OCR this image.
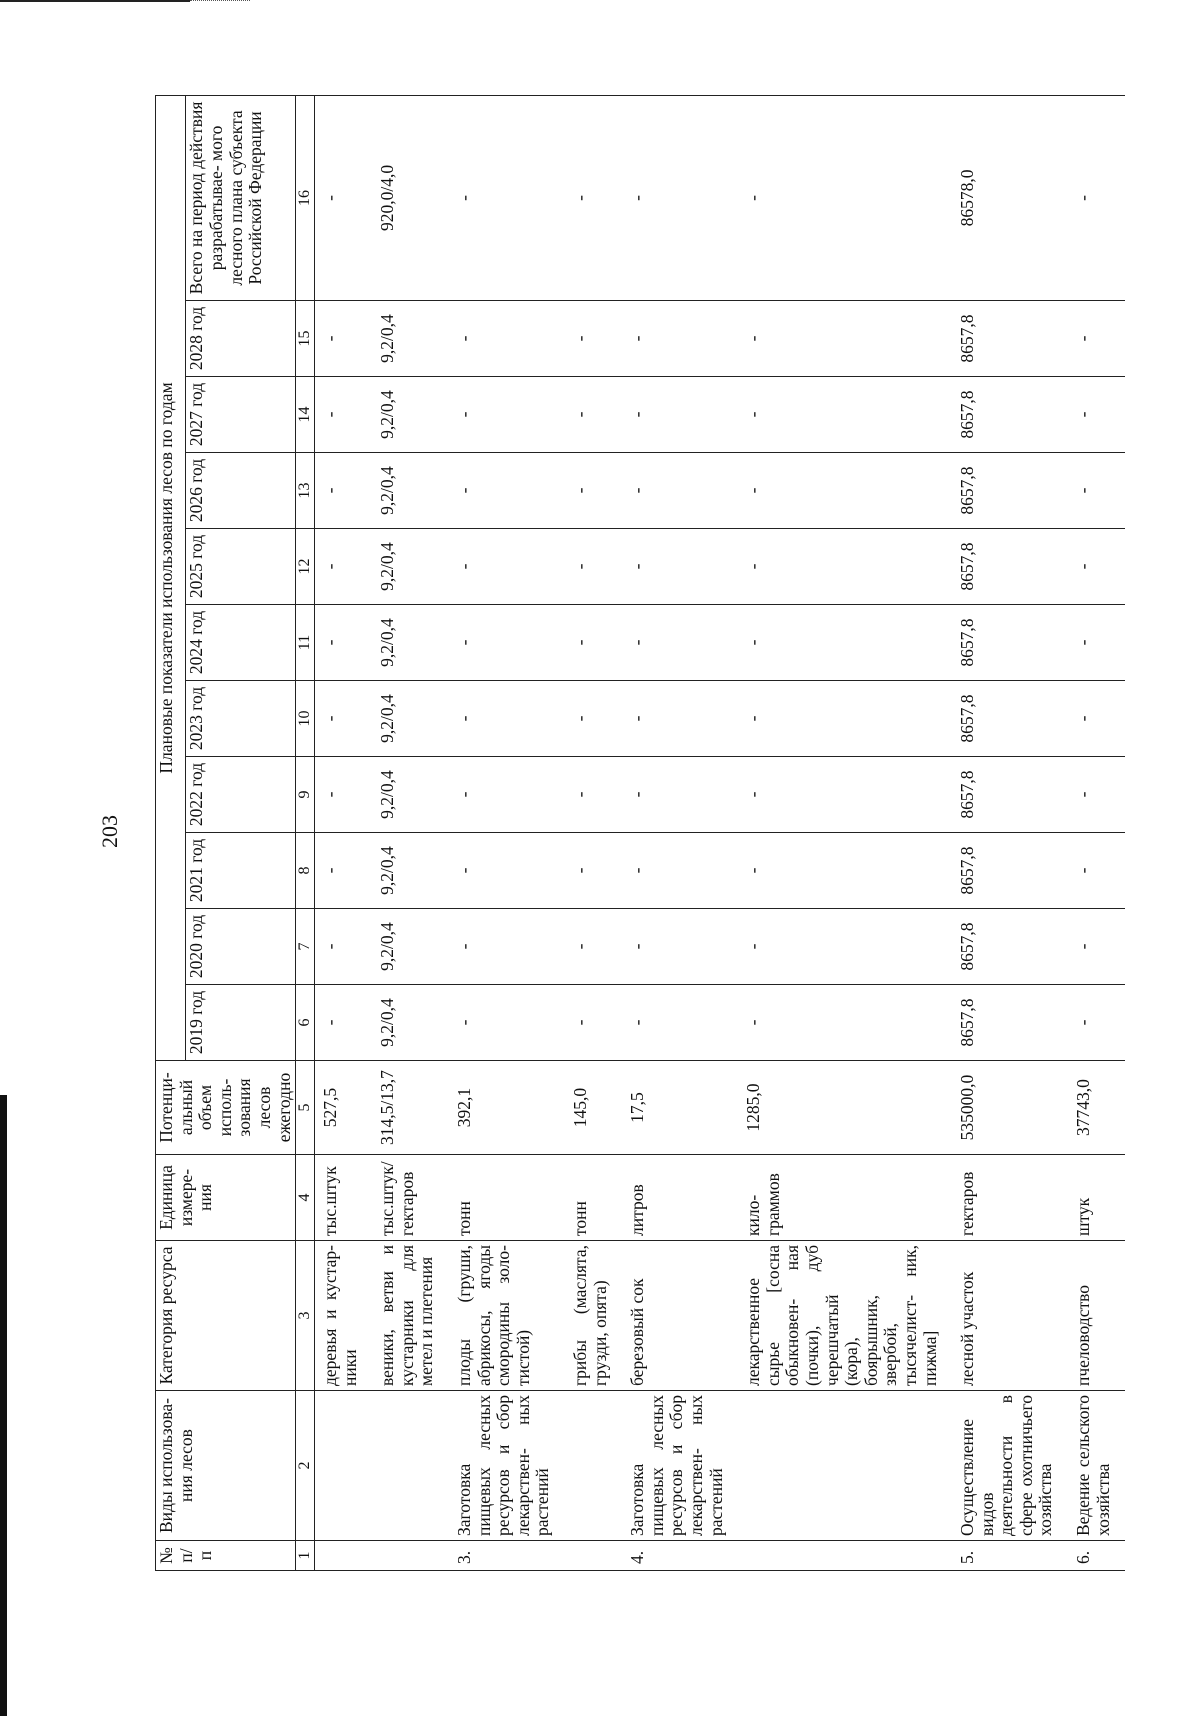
203
№ п/п	Виды использова- ния лесов	Категория ресурса	Единица измере- ния	Потенци- альный объем исполь- зования лесов ежегодно	Плановые показатели использования лесов по годам										
					2019 год	2020 год	2021 год	2022 год	2023 год	2024 год	2025 год	2026 год	2027 год	2028 год	Всего на период действия разрабатывае- мого лесного плана субъекта Российской Федерации
1	2	3	4	5	6	7	8	9	10	11	12	13	14	15	16
		деревья и кустар- ники	тыс.штук	527,5	-	-	-	-	-	-	-	-	-	-	-
		веники, ветви и кустарники для метел и плетения	тыс.штук/ гектаров	314,5/13,7	9,2/0,4	9,2/0,4	9,2/0,4	9,2/0,4	9,2/0,4	9,2/0,4	9,2/0,4	9,2/0,4	9,2/0,4	9,2/0,4	920,0/4,0
3.	Заготовка пищевых лесных ресурсов и сбор лекарствен- ных растений	плоды (груши, абрикосы, ягоды смородины золо- тистой)	тонн	392,1	-	-	-	-	-	-	-	-	-	-	-
		грибы (маслята, грузди, опята)	тонн	145,0	-	-	-	-	-	-	-	-	-	-	-
4.	Заготовка пищевых лесных ресурсов и сбор лекарствен- ных растений	березовый сок	литров	17,5	-	-	-	-	-	-	-	-	-	-	-
		лекарственное сырье [сосна обыкновен- ная (почки), дуб черешчатый (кора), боярышник, звербой, тысячелист- ник, пижма]	кило- граммов	1285,0	-	-	-	-	-	-	-	-	-	-	-
5.	Осуществление видов деятельности в сфере охотничьего хозяйства	лесной участок	гектаров	535000,0	8657,8	8657,8	8657,8	8657,8	8657,8	8657,8	8657,8	8657,8	8657,8	8657,8	86578,0
6.	Ведение сельского хозяйства	пчеловодство	штук	37743,0	-	-	-	-	-	-	-	-	-	-	-
